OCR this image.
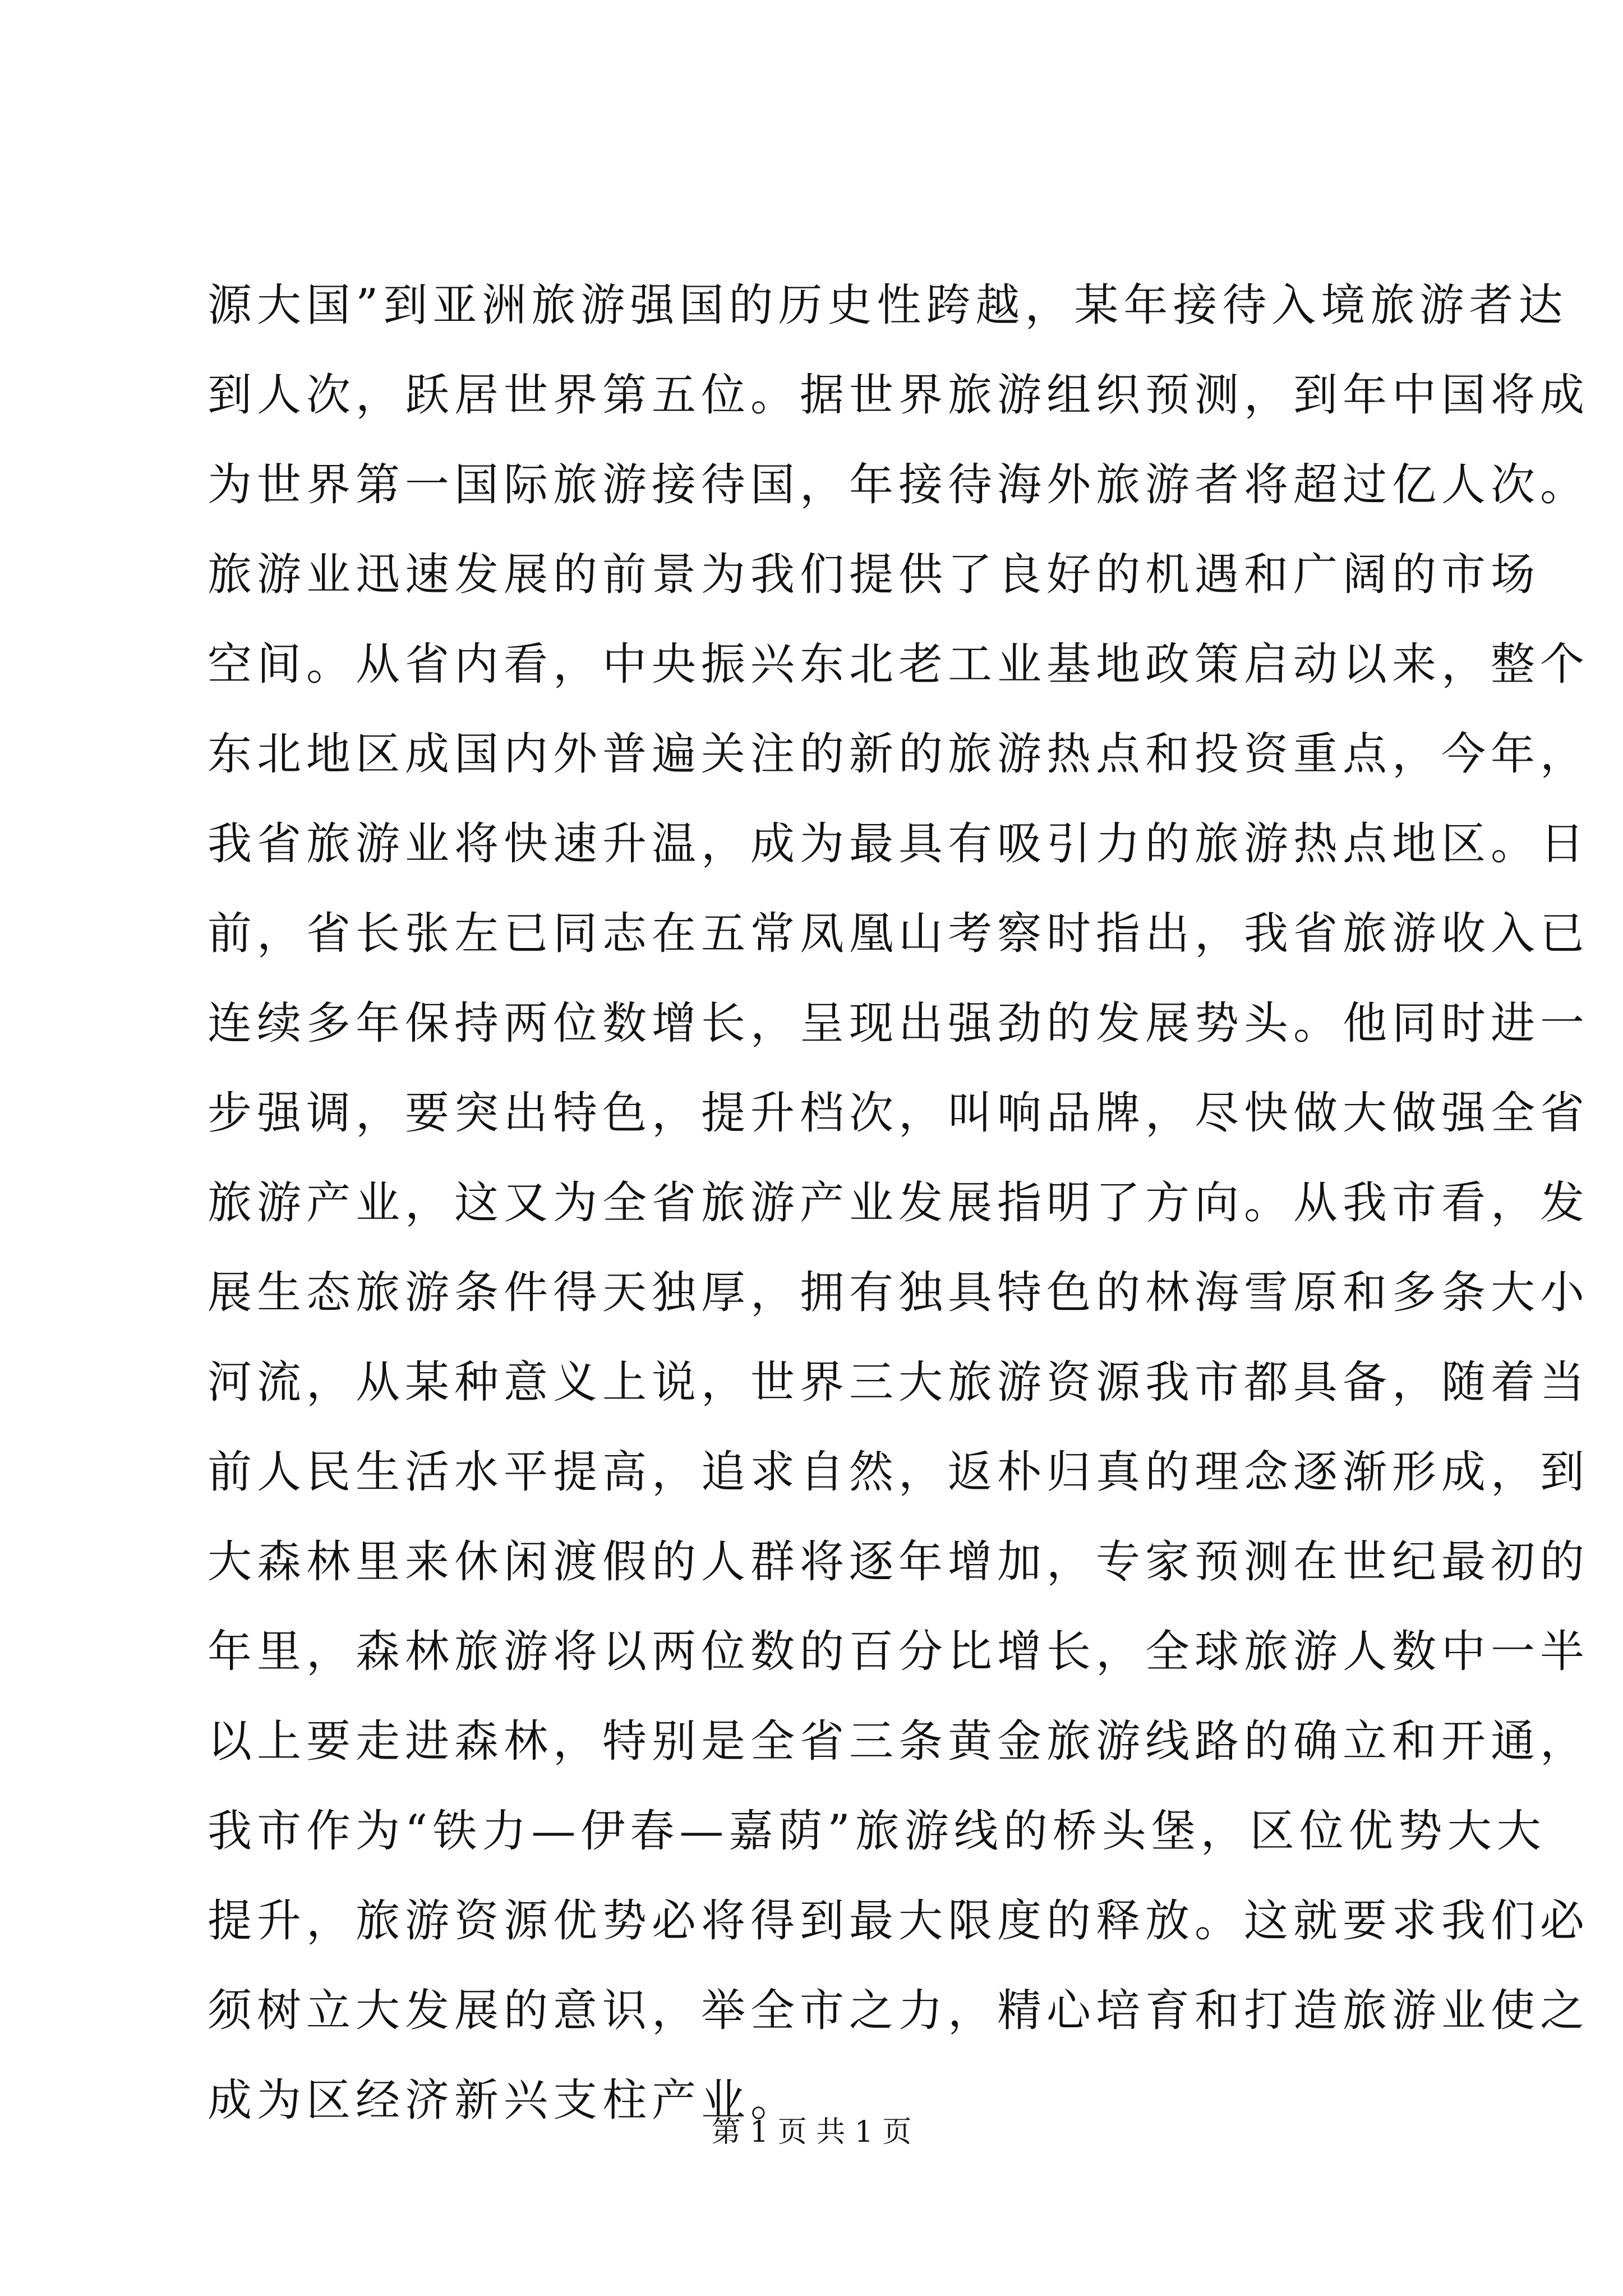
源大国”到亚洲旅游强国的历史性跨越，某年接待入境旅游者达
到人次，跃居世界第五位。据世界旅游组织预测，到年中国将成
为世界第一国际旅游接待国，年接待海外旅游者将超过亿人次。
旅游业迅速发展的前景为我们提供了良好的机遇和广阔的市场
空间。从省内看，中央振兴东北老工业基地政策启动以来，整个
东北地区成国内外普遍关注的新的旅游热点和投资重点，今年，
我省旅游业将快速升温，成为最具有吸引力的旅游热点地区。日
前，省长张左已同志在五常凤凰山考察时指出，我省旅游收入已
连续多年保持两位数增长，呈现出强劲的发展势头。他同时进一
步强调，要突出特色，提升档次，叫响品牌，尽快做大做强全省
旅游产业，这又为全省旅游产业发展指明了方向。从我市看，发
展生态旅游条件得天独厚，拥有独具特色的林海雪原和多条大小
河流，从某种意义上说，世界三大旅游资源我市都具备，随着当
前人民生活水平提高，追求自然，返朴归真的理念逐渐形成，到
大森林里来休闲渡假的人群将逐年增加，专家预测在世纪最初的
年里，森林旅游将以两位数的百分比增长，全球旅游人数中一半
以上要走进森林，特别是全省三条黄金旅游线路的确立和开通，
我市作为“铁力—伊春—嘉荫”旅游线的桥头堡，区位优势大大
提升，旅游资源优势必将得到最大限度的释放。这就要求我们必
须树立大发展的意识，举全市之力，精心培育和打造旅游业使之
成为区经济新兴支柱产业。
第 1 页 共 1 页
